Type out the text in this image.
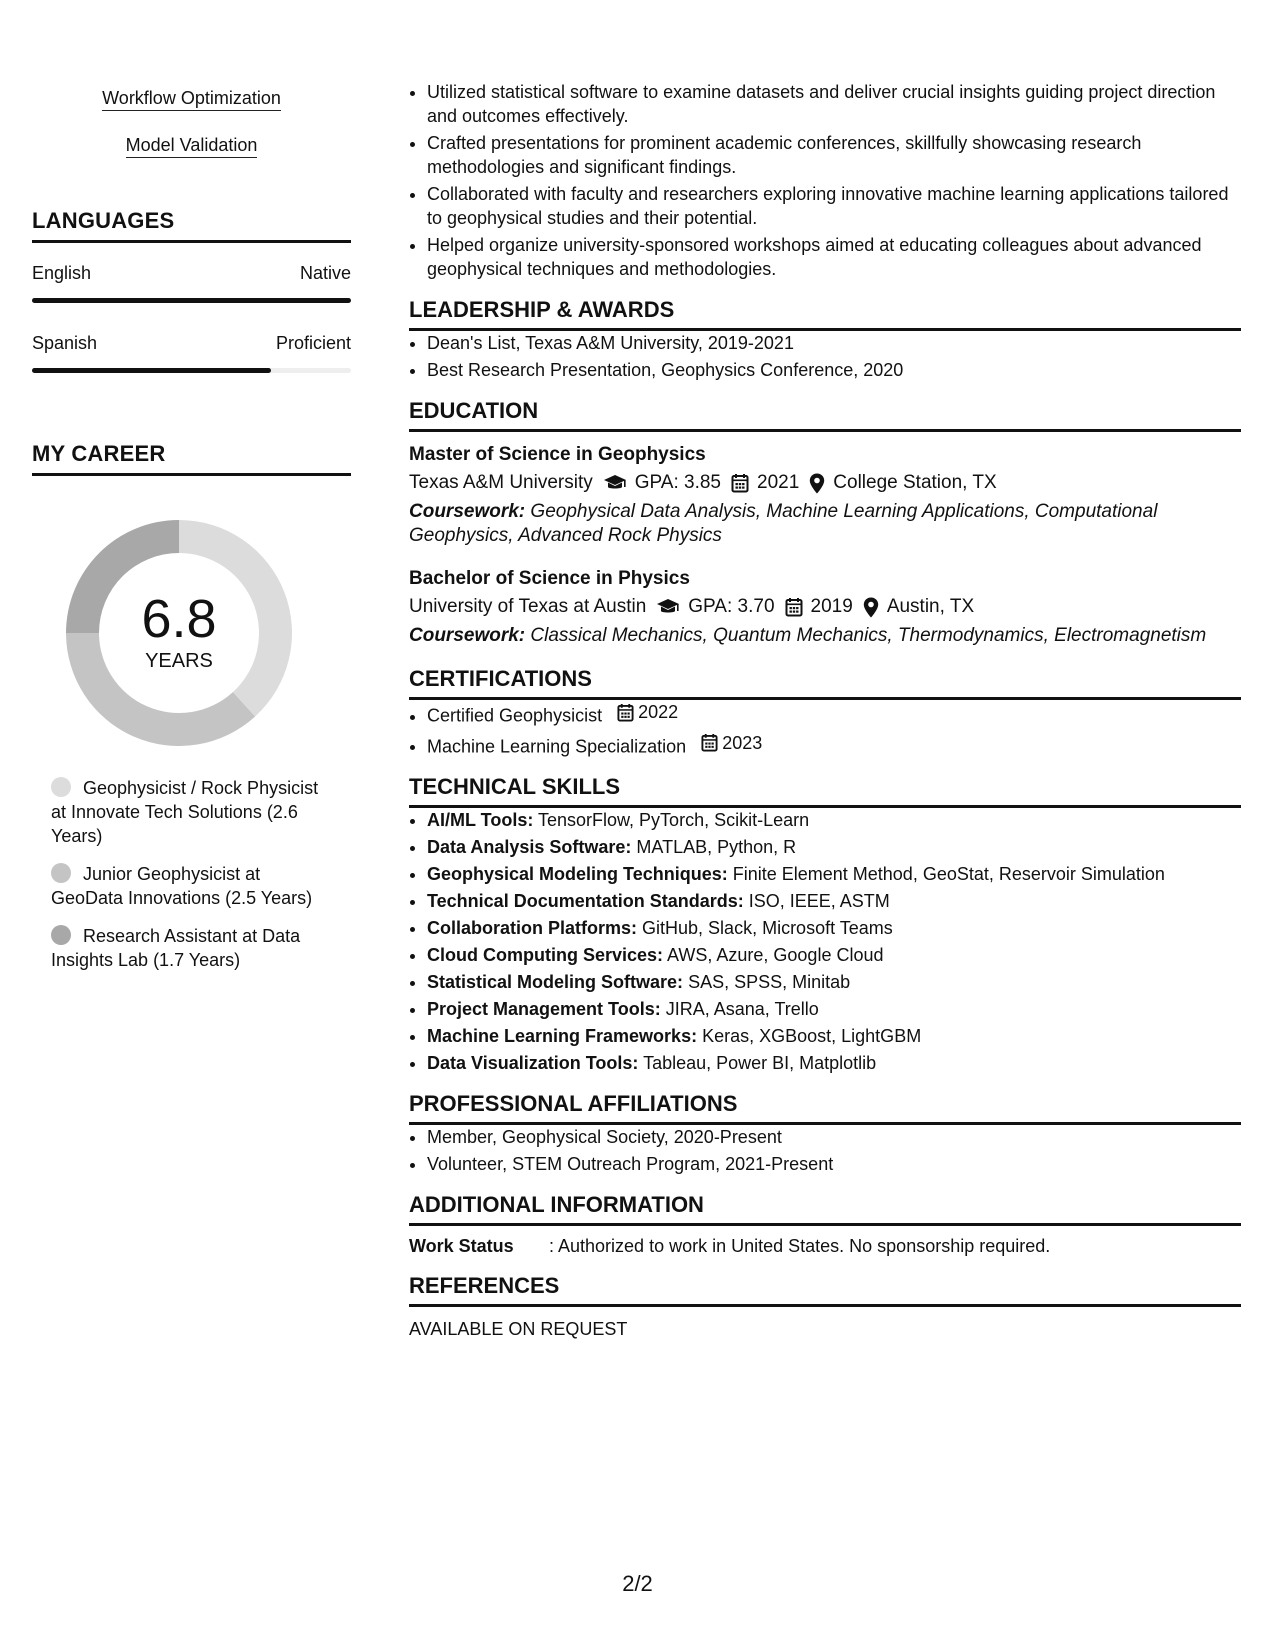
Workflow Optimization
Model Validation
LANGUAGES
English	Native
Spanish	Proficient
MY CAREER
6.8
YEARS
Geophysicist / Rock Physicist at Innovate Tech Solutions (2.6 Years)
Junior Geophysicist at GeoData Innovations (2.5 Years)
Research Assistant at Data Insights Lab (1.7 Years)
• Utilized statistical software to examine datasets and deliver crucial insights guiding project direction and outcomes effectively.
• Crafted presentations for prominent academic conferences, skillfully showcasing research methodologies and significant findings.
• Collaborated with faculty and researchers exploring innovative machine learning applications tailored to geophysical studies and their potential.
• Helped organize university-sponsored workshops aimed at educating colleagues about advanced geophysical techniques and methodologies.
LEADERSHIP & AWARDS
• Dean's List, Texas A&M University, 2019-2021
• Best Research Presentation, Geophysics Conference, 2020
EDUCATION
Master of Science in Geophysics
Texas A&M University GPA: 3.85 2021 College Station, TX
Coursework: Geophysical Data Analysis, Machine Learning Applications, Computational Geophysics, Advanced Rock Physics
Bachelor of Science in Physics
University of Texas at Austin GPA: 3.70 2019 Austin, TX
Coursework: Classical Mechanics, Quantum Mechanics, Thermodynamics, Electromagnetism
CERTIFICATIONS
• Certified Geophysicist 2022
• Machine Learning Specialization 2023
TECHNICAL SKILLS
• AI/ML Tools: TensorFlow, PyTorch, Scikit-Learn
• Data Analysis Software: MATLAB, Python, R
• Geophysical Modeling Techniques: Finite Element Method, GeoStat, Reservoir Simulation
• Technical Documentation Standards: ISO, IEEE, ASTM
• Collaboration Platforms: GitHub, Slack, Microsoft Teams
• Cloud Computing Services: AWS, Azure, Google Cloud
• Statistical Modeling Software: SAS, SPSS, Minitab
• Project Management Tools: JIRA, Asana, Trello
• Machine Learning Frameworks: Keras, XGBoost, LightGBM
• Data Visualization Tools: Tableau, Power BI, Matplotlib
PROFESSIONAL AFFILIATIONS
• Member, Geophysical Society, 2020-Present
• Volunteer, STEM Outreach Program, 2021-Present
ADDITIONAL INFORMATION
Work Status	: Authorized to work in United States. No sponsorship required.
REFERENCES
AVAILABLE ON REQUEST
2/2
